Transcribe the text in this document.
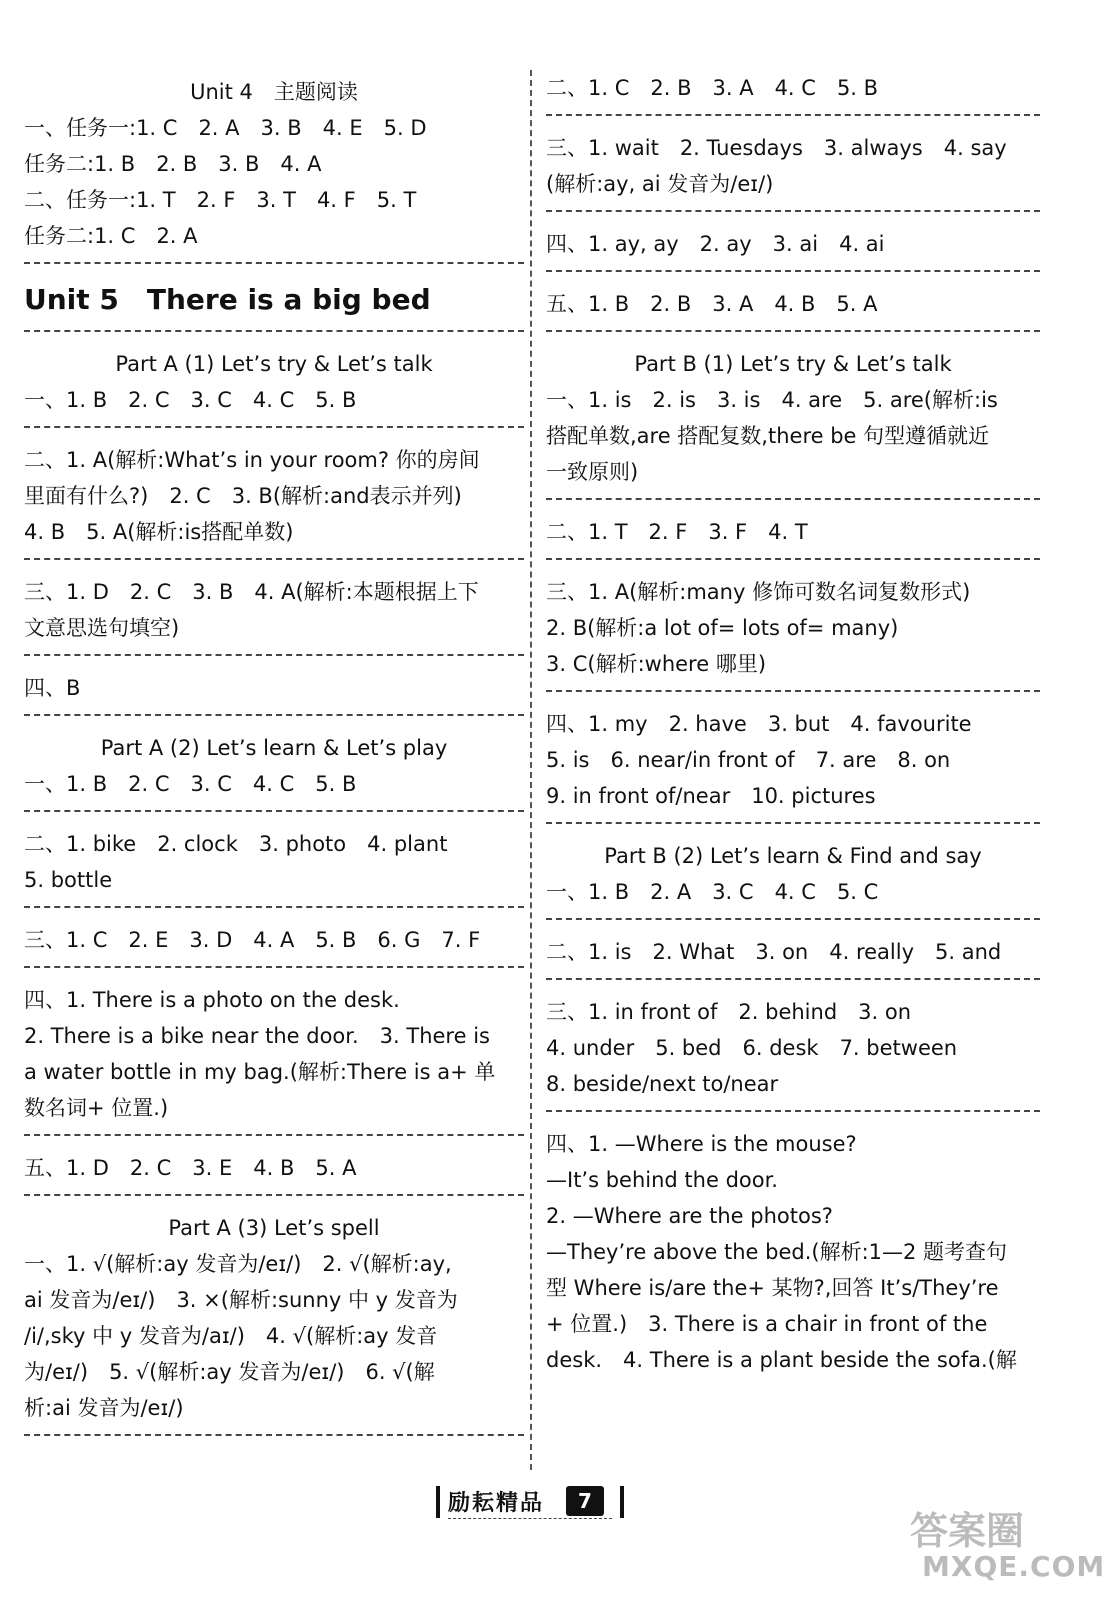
Unit 4　主题阅读
一、任务一:1. C　2. A　3. B　4. E　5. D
任务二:1. B　2. B　3. B　4. A
二、任务一:1. T　2. F　3. T　4. F　5. T
任务二:1. C　2. A
Unit 5　There is a big bed
Part A (1) Let’s try & Let’s talk
一、1. B　2. C　3. C　4. C　5. B
二、1. A(解析:What’s in your room? 你的房间
里面有什么?)　2. C　3. B(解析:and表示并列)
4. B　5. A(解析:is搭配单数)
三、1. D　2. C　3. B　4. A(解析:本题根据上下
文意思选句填空)
四、B
Part A (2) Let’s learn & Let’s play
一、1. B　2. C　3. C　4. C　5. B
二、1. bike　2. clock　3. photo　4. plant
5. bottle
三、1. C　2. E　3. D　4. A　5. B　6. G　7. F
四、1. There is a photo on the desk.
2. There is a bike near the door.　3. There is
a water bottle in my bag.(解析:There is a+ 单
数名词+ 位置.)
五、1. D　2. C　3. E　4. B　5. A
Part A (3) Let’s spell
一、1. √(解析:ay 发音为/eɪ/)　2. √(解析:ay,
ai 发音为/eɪ/)　3. ×(解析:sunny 中 y 发音为
/i/,sky 中 y 发音为/aɪ/)　4. √(解析:ay 发音
为/eɪ/)　5. √(解析:ay 发音为/eɪ/)　6. √(解
析:ai 发音为/eɪ/)
二、1. C　2. B　3. A　4. C　5. B
三、1. wait　2. Tuesdays　3. always　4. say
(解析:ay, ai 发音为/eɪ/)
四、1. ay, ay　2. ay　3. ai　4. ai
五、1. B　2. B　3. A　4. B　5. A
Part B (1) Let’s try & Let’s talk
一、1. is　2. is　3. is　4. are　5. are(解析:is
搭配单数,are 搭配复数,there be 句型遵循就近
一致原则)
二、1. T　2. F　3. F　4. T
三、1. A(解析:many 修饰可数名词复数形式)
2. B(解析:a lot of= lots of= many)
3. C(解析:where 哪里)
四、1. my　2. have　3. but　4. favourite
5. is　6. near/in front of　7. are　8. on
9. in front of/near　10. pictures
Part B (2) Let’s learn & Find and say
一、1. B　2. A　3. C　4. C　5. C
二、1. is　2. What　3. on　4. really　5. and
三、1. in front of　2. behind　3. on
4. under　5. bed　6. desk　7. between
8. beside/next to/near
四、1. —Where is the mouse?
—It’s behind the door.
2. —Where are the photos?
—They’re above the bed.(解析:1—2 题考查句
型 Where is/are the+ 某物?,回答 It’s/They’re
+ 位置.)　3. There is a chair in front of the
desk.　4. There is a plant beside the sofa.(解
励耘精品	7
答案圈
MXQE.COM
